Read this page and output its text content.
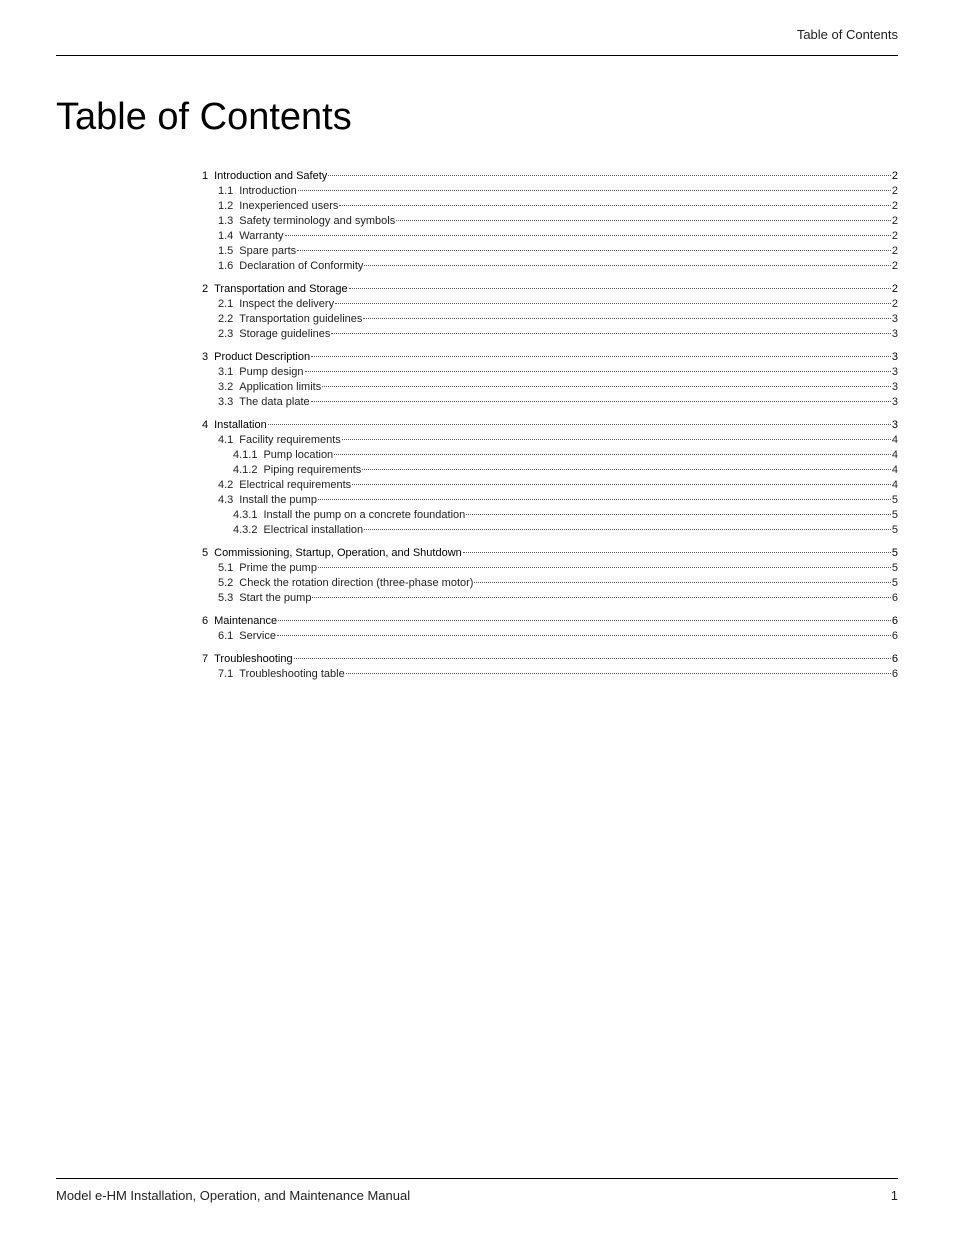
Table of Contents
Table of Contents
1 Introduction and Safety	2
1.1 Introduction	2
1.2 Inexperienced users	2
1.3 Safety terminology and symbols	2
1.4 Warranty	2
1.5 Spare parts	2
1.6 Declaration of Conformity	2
2 Transportation and Storage	2
2.1 Inspect the delivery	2
2.2 Transportation guidelines	3
2.3 Storage guidelines	3
3 Product Description	3
3.1 Pump design	3
3.2 Application limits	3
3.3 The data plate	3
4 Installation	3
4.1 Facility requirements	4
4.1.1 Pump location	4
4.1.2 Piping requirements	4
4.2 Electrical requirements	4
4.3 Install the pump	5
4.3.1 Install the pump on a concrete foundation	5
4.3.2 Electrical installation	5
5 Commissioning, Startup, Operation, and Shutdown	5
5.1 Prime the pump	5
5.2 Check the rotation direction (three-phase motor)	5
5.3 Start the pump	6
6 Maintenance	6
6.1 Service	6
7 Troubleshooting	6
7.1 Troubleshooting table	6
Model e-HM Installation, Operation, and Maintenance Manual	1
